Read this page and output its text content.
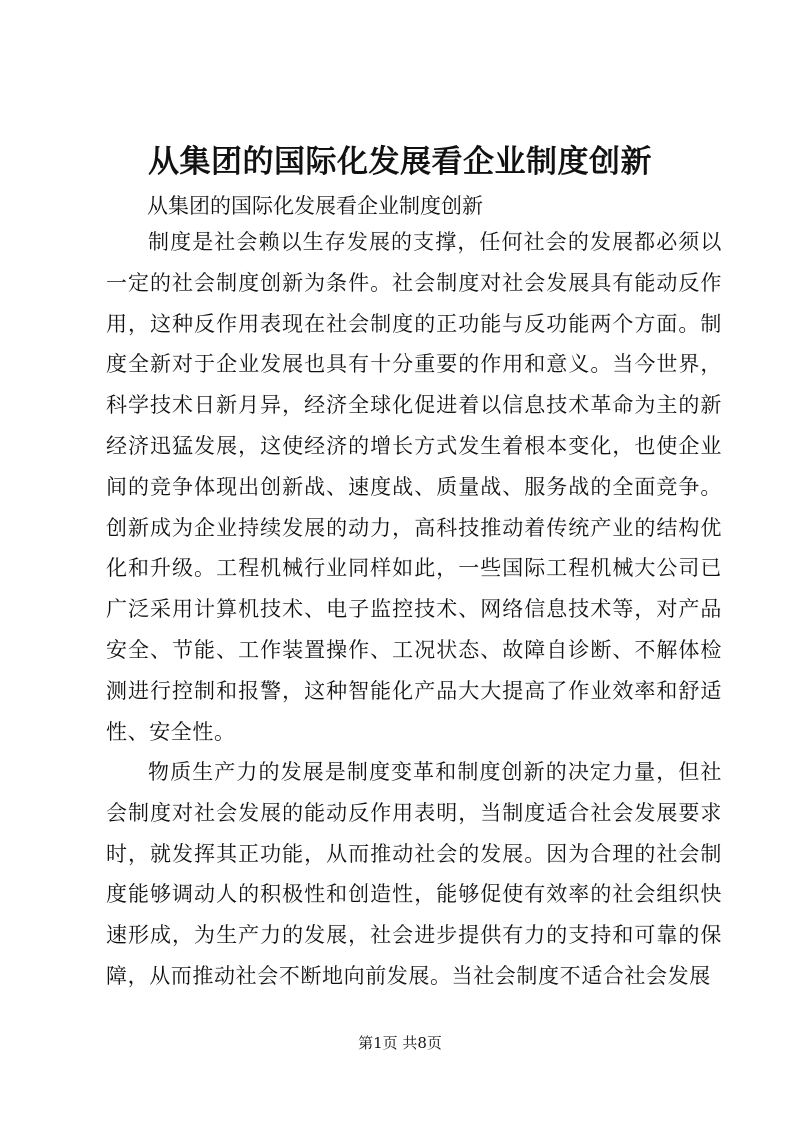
从集团的国际化发展看企业制度创新
从集团的国际化发展看企业制度创新
制度是社会赖以生存发展的支撑，任何社会的发展都必须以一定的社会制度创新为条件。社会制度对社会发展具有能动反作用，这种反作用表现在社会制度的正功能与反功能两个方面。制度全新对于企业发展也具有十分重要的作用和意义。当今世界，科学技术日新月异，经济全球化促进着以信息技术革命为主的新经济迅猛发展，这使经济的增长方式发生着根本变化，也使企业间的竞争体现出创新战、速度战、质量战、服务战的全面竞争。创新成为企业持续发展的动力，高科技推动着传统产业的结构优化和升级。工程机械行业同样如此，一些国际工程机械大公司已广泛采用计算机技术、电子监控技术、网络信息技术等，对产品安全、节能、工作装置操作、工况状态、故障自诊断、不解体检测进行控制和报警，这种智能化产品大大提高了作业效率和舒适性、安全性。
物质生产力的发展是制度变革和制度创新的决定力量，但社会制度对社会发展的能动反作用表明，当制度适合社会发展要求时，就发挥其正功能，从而推动社会的发展。因为合理的社会制度能够调动人的积极性和创造性，能够促使有效率的社会组织快速形成，为生产力的发展，社会进步提供有力的支持和可靠的保障，从而推动社会不断地向前发展。当社会制度不适合社会发展
第1页 共8页
